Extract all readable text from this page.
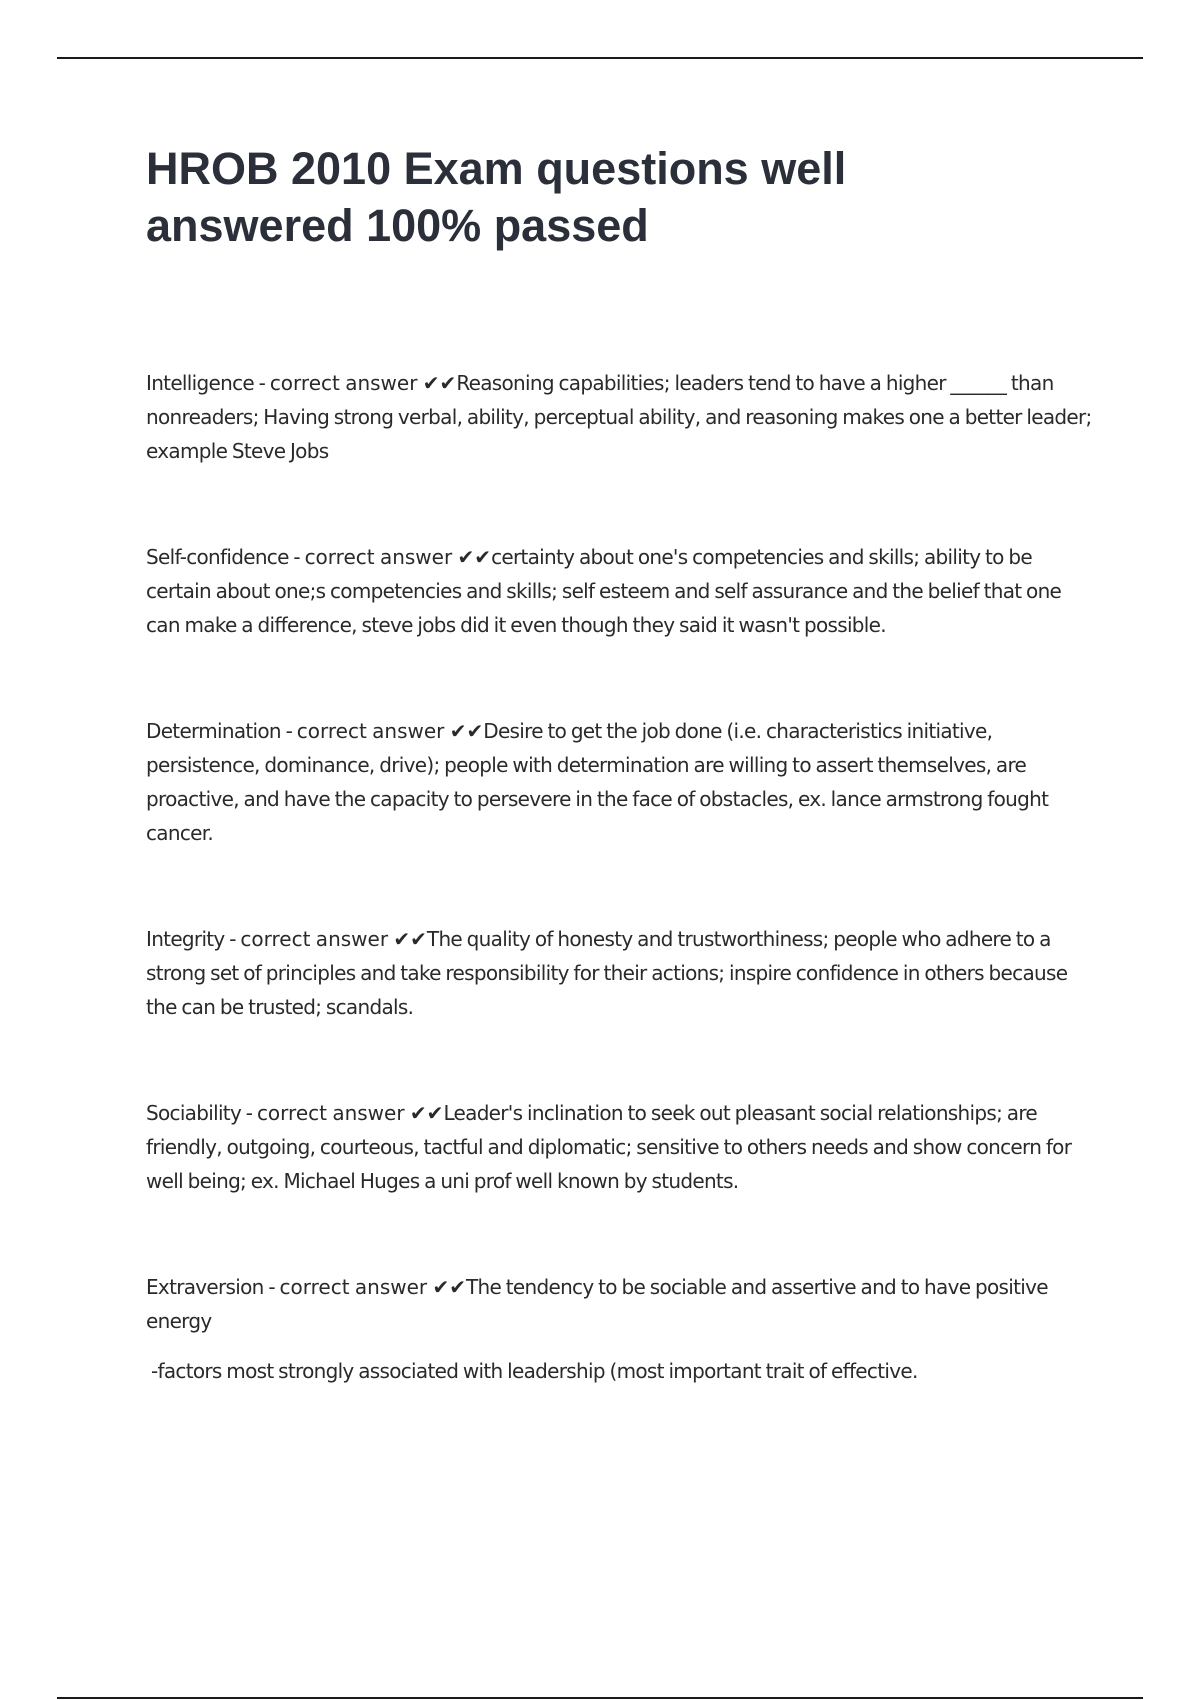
HROB 2010 Exam questions well answered 100% passed
Intelligence - correct answer ✔✔Reasoning capabilities; leaders tend to have a higher ______ than nonreaders; Having strong verbal, ability, perceptual ability, and reasoning makes one a better leader; example Steve Jobs
Self-confidence - correct answer ✔✔certainty about one's competencies and skills; ability to be certain about one;s competencies and skills; self esteem and self assurance and the belief that one can make a difference, steve jobs did it even though they said it wasn't possible.
Determination - correct answer ✔✔Desire to get the job done (i.e. characteristics initiative, persistence, dominance, drive); people with determination are willing to assert themselves, are proactive, and have the capacity to persevere in the face of obstacles, ex. lance armstrong fought cancer.
Integrity - correct answer ✔✔The quality of honesty and trustworthiness; people who adhere to a strong set of principles and take responsibility for their actions; inspire confidence in others because the can be trusted; scandals.
Sociability - correct answer ✔✔Leader's inclination to seek out pleasant social relationships; are friendly, outgoing, courteous, tactful and diplomatic; sensitive to others needs and show concern for well being; ex. Michael Huges a uni prof well known by students.
Extraversion - correct answer ✔✔The tendency to be sociable and assertive and to have positive energy
-factors most strongly associated with leadership (most important trait of effective.
